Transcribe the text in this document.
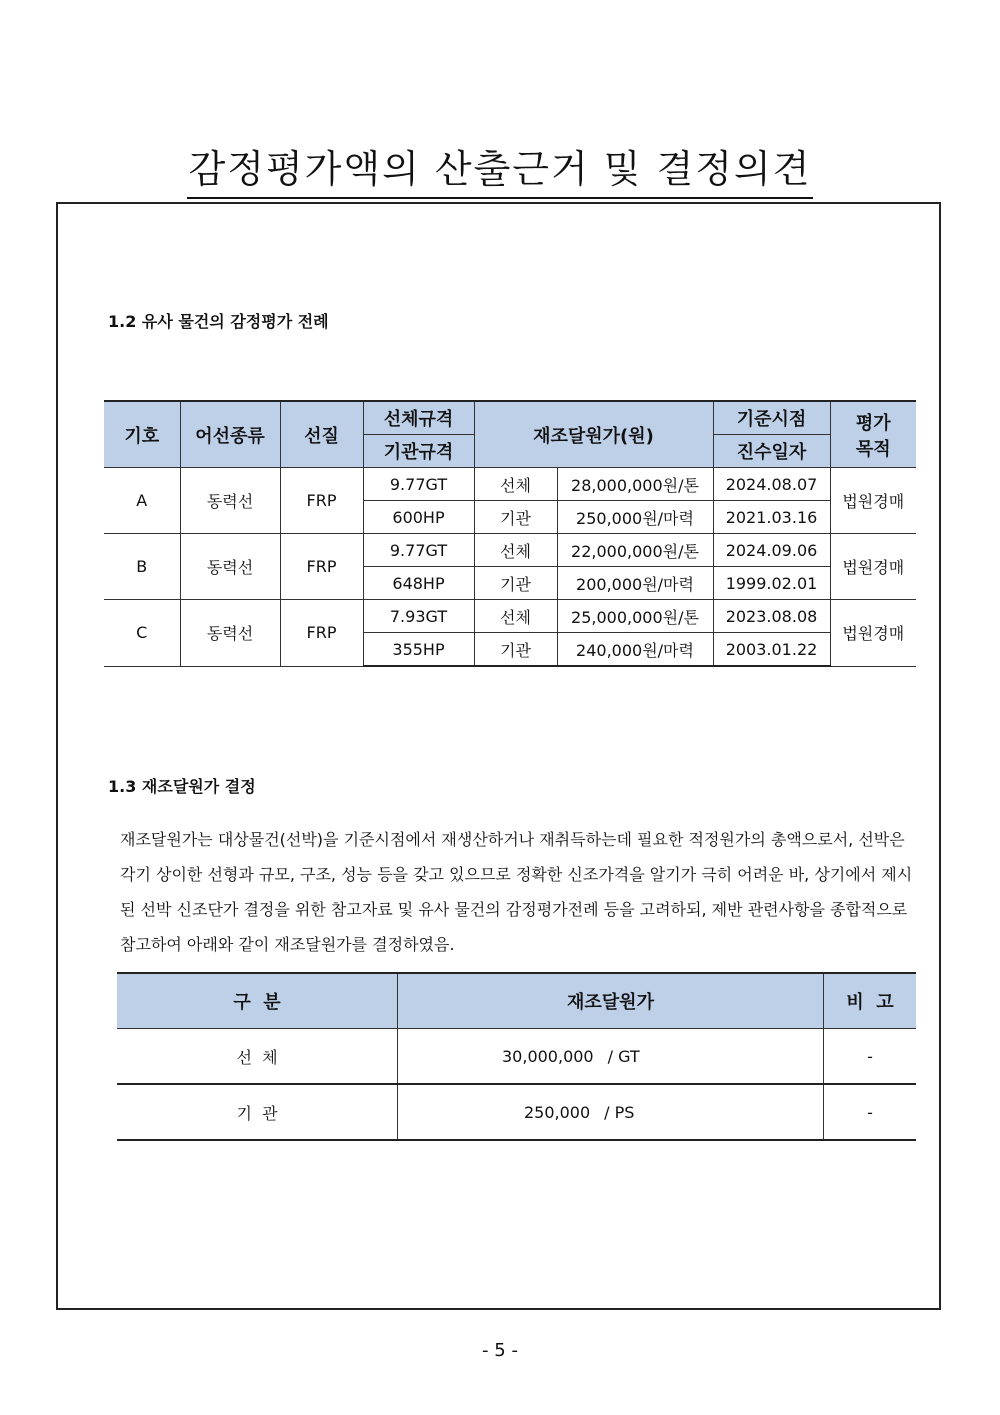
감정평가액의 산출근거 및 결정의견
1.2 유사 물건의 감정평가 전례
기호	어선종류	선질	선체규격	재조달원가(원)		기준시점	평가
목적
			기관규격			진수일자	
A	동력선	FRP	9.77GT	선체	28,000,000원/톤	2024.08.07	법원경매
			600HP	기관	250,000원/마력	2021.03.16	
B	동력선	FRP	9.77GT	선체	22,000,000원/톤	2024.09.06	법원경매
			648HP	기관	200,000원/마력	1999.02.01	
C	동력선	FRP	7.93GT	선체	25,000,000원/톤	2023.08.08	법원경매
			355HP	기관	240,000원/마력	2003.01.22	
1.3 재조달원가 결정

재조달원가는 대상물건(선박)을 기준시점에서 재생산하거나 재취득하는데 필요한 적정원가의 총액으로서, 선박은 각기 상이한 선형과 규모, 구조, 성능 등을 갖고 있으므로 정확한 신조가격을 알기가 극히 어려운 바, 상기에서 제시된 선박 신조단가 결정을 위한 참고자료 및 유사 물건의 감정평가전례 등을 고려하되, 제반 관련사항을 종합적으로 참고하여 아래와 같이 재조달원가를 결정하였음.

구  분	재조달원가	비  고
선  체	30,000,000 / GT	-
기  관	250,000 / PS	-
- 5 -
